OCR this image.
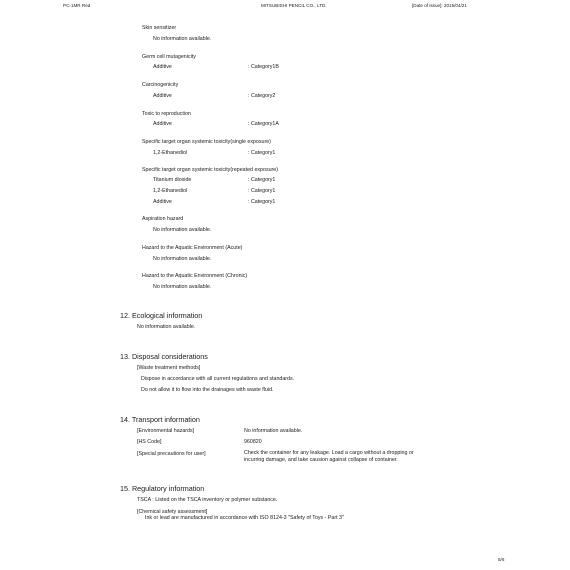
PC-1MR Red	MITSUBISHI PENCIL CO., LTD.	[Date of issue]: 2015/04/21
Skin sensitizer
No information available.
Germ cell mutagenicity
Additive	: Category1B
Carcinogenicity
Additive	: Category2
Toxic to reproduction
Additive	: Category1A
Specific target organ systemic toxicity(single exposure)
1,2-Ethanediol	: Category1
Specific target organ systemic toxicity(repeated exposure)
Titanium dioxide	: Category1
1,2-Ethanediol	: Category1
Additive	: Category1
Aspiration hazard
No information available.
Hazard to the Aquatic Environment (Acute)
No information available.
Hazard to the Aquatic Environment (Chronic)
No information available.
12. Ecological information
No information available.
13. Disposal considerations
[Waste treatment methods]
Dispose in accordance with all current regulations and standards.
Do not allow it to flow into the drainages with waste fluid.
14. Transport information
[Environmental hazards]	No information available.
[HS Code]	960820
[Special precautions for user]	Check the container for any leakage. Load a cargo without a dropping or
incurring damage, and take causion against collapse of container.
15. Regulatory information
TSCA : Listed on the TSCA inventory or polymer substance.
[Chemical safety assessment]
Ink or lead are manufactured in accordance with ISO 8124-3 "Safety of Toys - Part 3"
5/6
